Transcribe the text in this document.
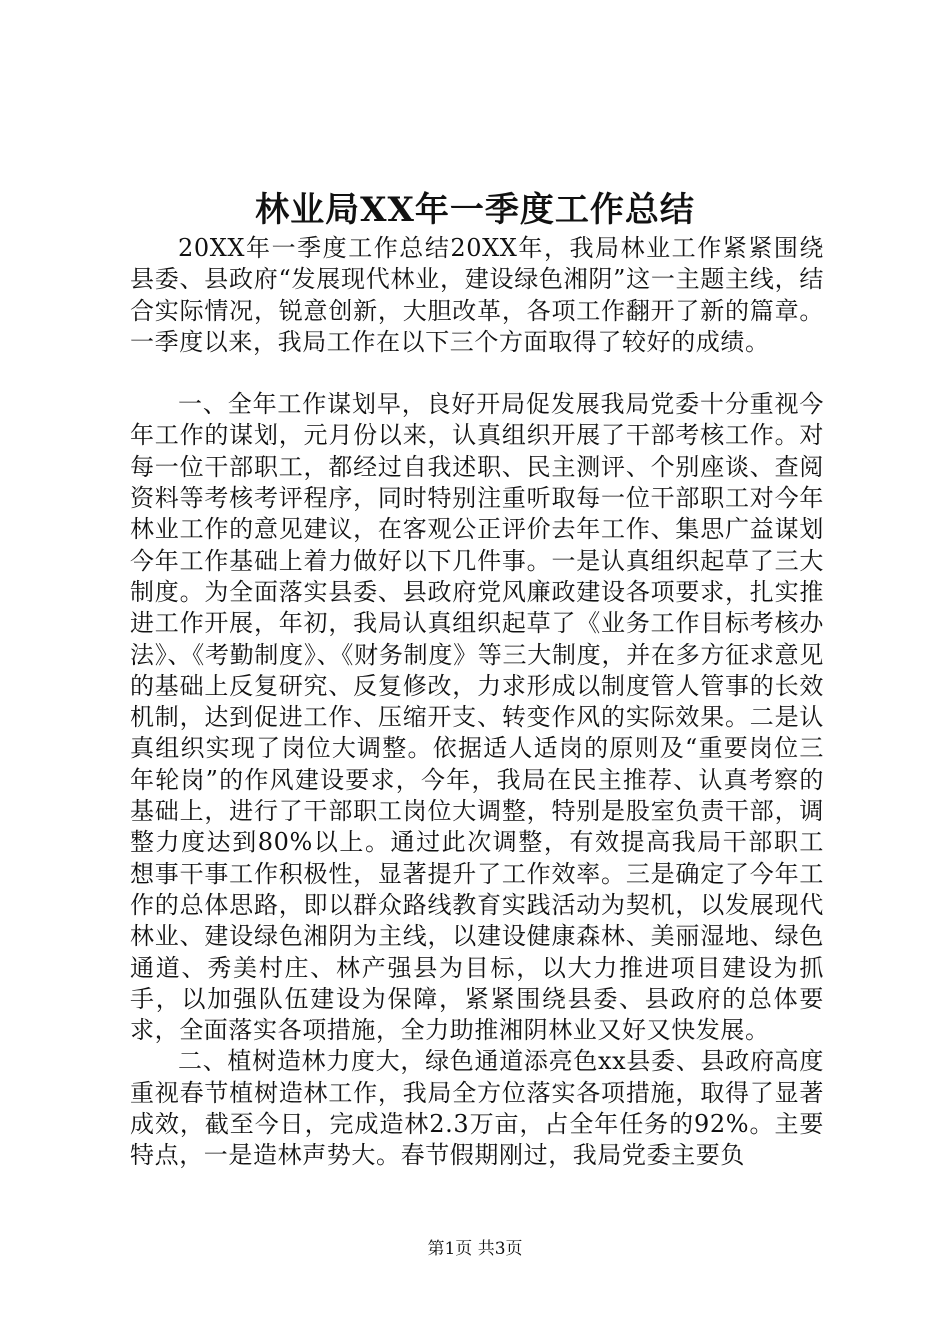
林业局XX年一季度工作总结

20XX年一季度工作总结20XX年，我局林业工作紧紧围绕县委、县政府“发展现代林业，建设绿色湘阴”这一主题主线，结合实际情况，锐意创新，大胆改革，各项工作翻开了新的篇章。一季度以来，我局工作在以下三个方面取得了较好的成绩。

一、全年工作谋划早，良好开局促发展我局党委十分重视今年工作的谋划，元月份以来，认真组织开展了干部考核工作。对每一位干部职工，都经过自我述职、民主测评、个别座谈、查阅资料等考核考评程序，同时特别注重听取每一位干部职工对今年林业工作的意见建议，在客观公正评价去年工作、集思广益谋划今年工作基础上着力做好以下几件事。一是认真组织起草了三大制度。为全面落实县委、县政府党风廉政建设各项要求，扎实推进工作开展，年初，我局认真组织起草了《业务工作目标考核办法》、《考勤制度》、《财务制度》等三大制度，并在多方征求意见的基础上反复研究、反复修改，力求形成以制度管人管事的长效机制，达到促进工作、压缩开支、转变作风的实际效果。二是认真组织实现了岗位大调整。依据适人适岗的原则及“重要岗位三年轮岗”的作风建设要求，今年，我局在民主推荐、认真考察的基础上，进行了干部职工岗位大调整，特别是股室负责干部，调整力度达到80%以上。通过此次调整，有效提高我局干部职工想事干事工作积极性，显著提升了工作效率。三是确定了今年工作的总体思路，即以群众路线教育实践活动为契机，以发展现代林业、建设绿色湘阴为主线，以建设健康森林、美丽湿地、绿色通道、秀美村庄、林产强县为目标，以大力推进项目建设为抓手，以加强队伍建设为保障，紧紧围绕县委、县政府的总体要求，全面落实各项措施，全力助推湘阴林业又好又快发展。

二、植树造林力度大，绿色通道添亮色xx县委、县政府高度重视春节植树造林工作，我局全方位落实各项措施，取得了显著成效，截至今日，完成造林2.3万亩，占全年任务的92%。主要特点，一是造林声势大。春节假期刚过，我局党委主要负

第1页 共3页
